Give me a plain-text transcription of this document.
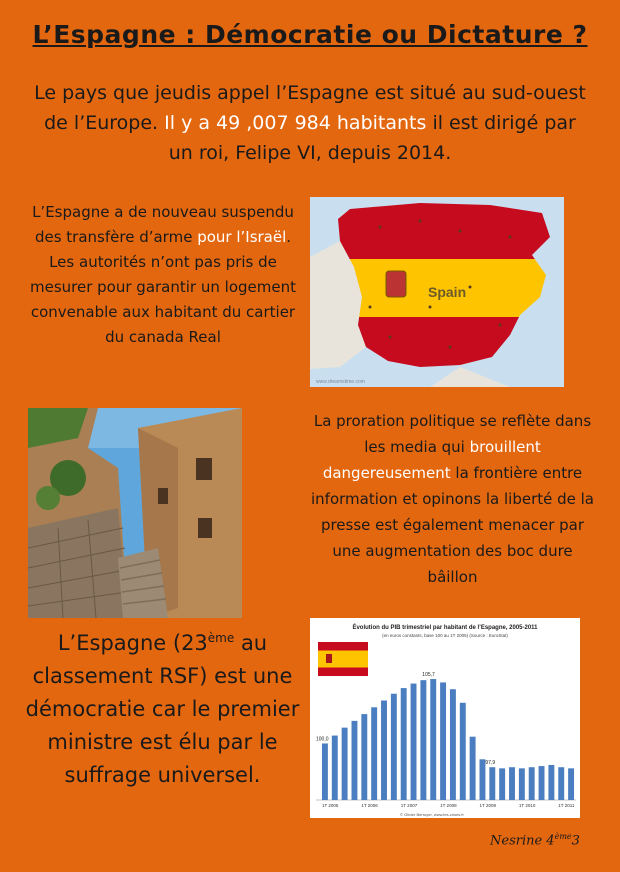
L’Espagne : Démocratie ou Dictature ?
Le pays que jeudis appel l’Espagne est situé au sud-ouest de l’Europe. Il y a 49 ,007 984 habitants il est dirigé par un roi, Felipe VI, depuis 2014.
L’Espagne a de nouveau suspendu des transfère d’arme pour l’Israël. Les autorités n’ont pas pris de mesurer pour garantir un logement convenable aux habitant du cartier du canada Real
Spain
www.dreamstime.com
La proration politique se reflète dans les media qui brouillent dangereusement la frontière entre information et opinons la liberté de la presse est également menacer par une augmentation des boc dure bâillon
L’Espagne (23ème au classement RSF) est une démocratie car le premier ministre est élu par le suffrage universel.
Évolution du PIB trimestriel par habitant de l’Espagne, 2005-2011
(en euros constants, base 100 au 1T 2005) (Source : EuroStat)
100,0
105,7
97,9
1T 2005	1T 2006	1T 2007	1T 2008	1T 2009	1T 2010	1T 2011
© Olivier Berruyer, www.les-crises.fr
Nesrine 4ème3
